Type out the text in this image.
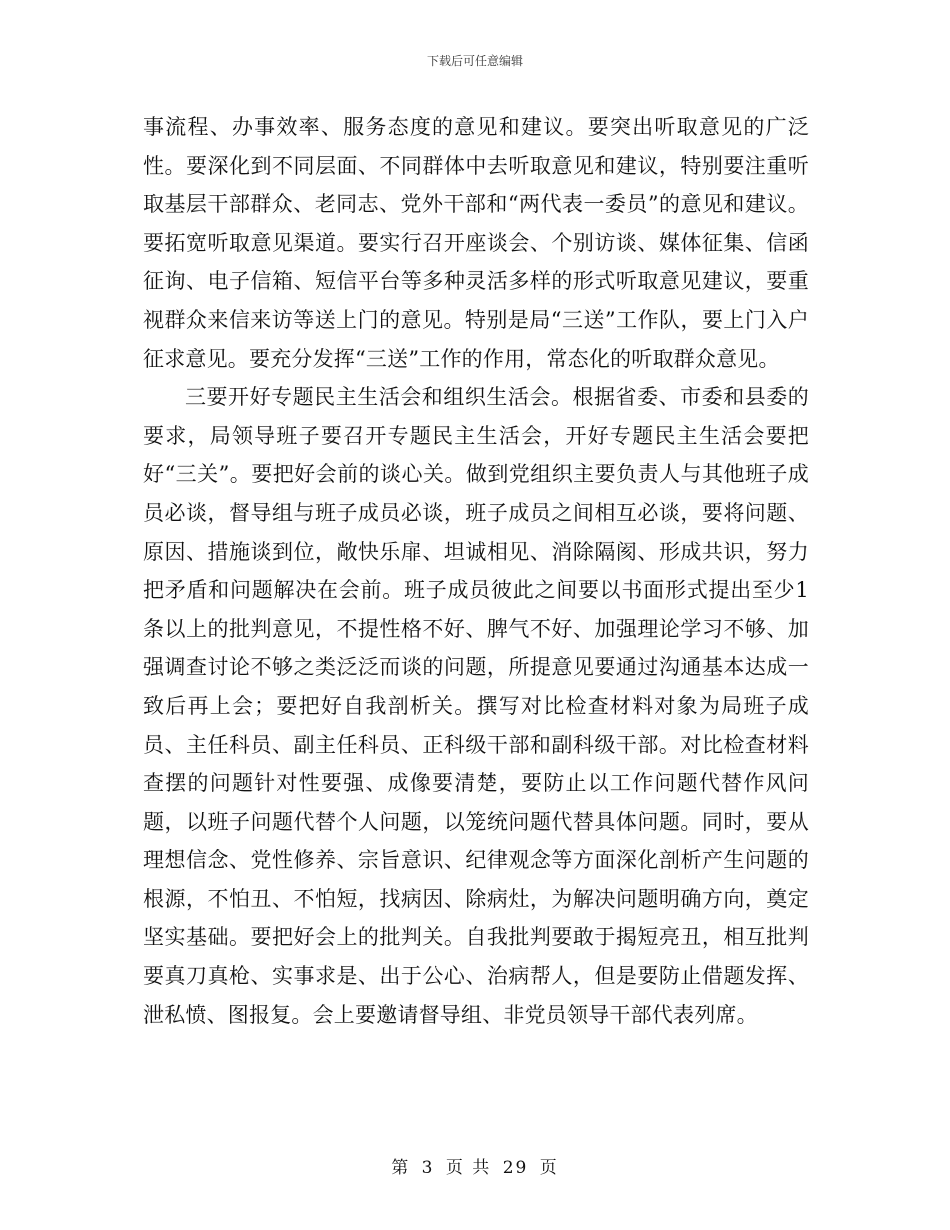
下载后可任意编辑

事流程、办事效率、服务态度的意见和建议。要突出听取意见的广泛性。要深化到不同层面、不同群体中去听取意见和建议，特别要注重听取基层干部群众、老同志、党外干部和“两代表一委员”的意见和建议。要拓宽听取意见渠道。要实行召开座谈会、个别访谈、媒体征集、信函征询、电子信箱、短信平台等多种灵活多样的形式听取意见建议，要重视群众来信来访等送上门的意见。特别是局“三送”工作队，要上门入户征求意见。要充分发挥“三送”工作的作用，常态化的听取群众意见。

三要开好专题民主生活会和组织生活会。根据省委、市委和县委的要求，局领导班子要召开专题民主生活会，开好专题民主生活会要把好“三关”。要把好会前的谈心关。做到党组织主要负责人与其他班子成员必谈，督导组与班子成员必谈，班子成员之间相互必谈，要将问题、原因、措施谈到位，敞快乐扉、坦诚相见、消除隔阂、形成共识，努力把矛盾和问题解决在会前。班子成员彼此之间要以书面形式提出至少1条以上的批判意见，不提性格不好、脾气不好、加强理论学习不够、加强调查讨论不够之类泛泛而谈的问题，所提意见要通过沟通基本达成一致后再上会；要把好自我剖析关。撰写对比检查材料对象为局班子成员、主任科员、副主任科员、正科级干部和副科级干部。对比检查材料查摆的问题针对性要强、成像要清楚，要防止以工作问题代替作风问题，以班子问题代替个人问题，以笼统问题代替具体问题。同时，要从理想信念、党性修养、宗旨意识、纪律观念等方面深化剖析产生问题的根源，不怕丑、不怕短，找病因、除病灶，为解决问题明确方向，奠定坚实基础。要把好会上的批判关。自我批判要敢于揭短亮丑，相互批判要真刀真枪、实事求是、出于公心、治病帮人，但是要防止借题发挥、泄私愤、图报复。会上要邀请督导组、非党员领导干部代表列席。

第 3 页 共 29 页
